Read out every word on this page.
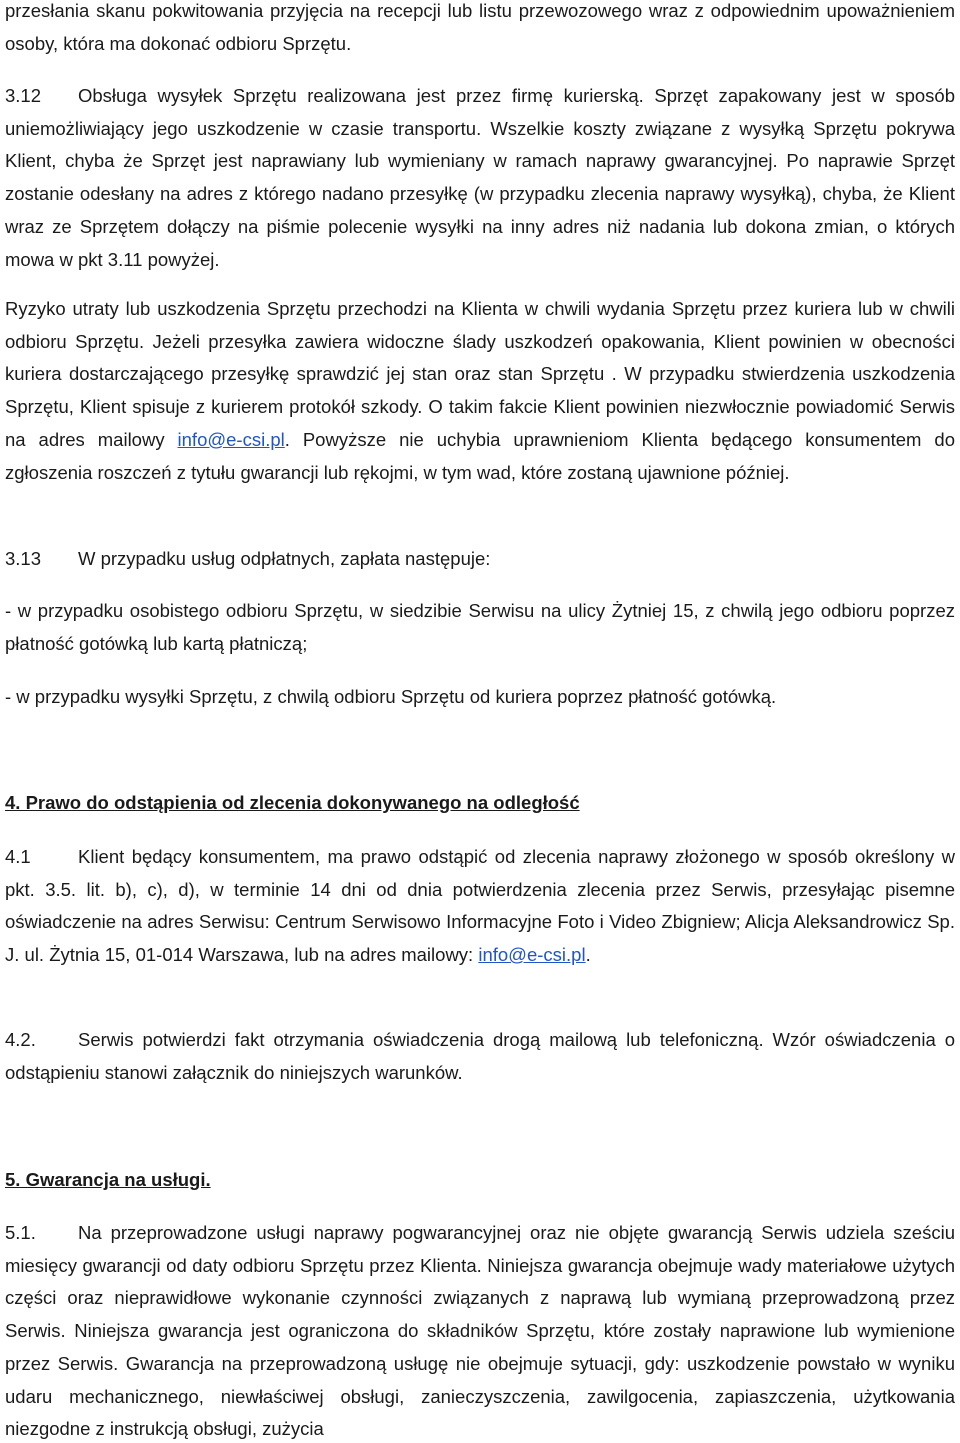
przesłania skanu pokwitowania przyjęcia na recepcji lub listu przewozowego wraz z odpowiednim upoważnieniem osoby, która ma dokonać odbioru Sprzętu.

3.12 Obsługa wysyłek Sprzętu realizowana jest przez firmę kurierską. Sprzęt zapakowany jest w sposób uniemożliwiający jego uszkodzenie w czasie transportu. Wszelkie koszty związane z wysyłką Sprzętu pokrywa Klient, chyba że Sprzęt jest naprawiany lub wymieniany w ramach naprawy gwarancyjnej. Po naprawie Sprzęt zostanie odesłany na adres z którego nadano przesyłkę (w przypadku zlecenia naprawy wysyłką), chyba, że Klient wraz ze Sprzętem dołączy na piśmie polecenie wysyłki na inny adres niż nadania lub dokona zmian, o których mowa w pkt 3.11 powyżej.

Ryzyko utraty lub uszkodzenia Sprzętu przechodzi na Klienta w chwili wydania Sprzętu przez kuriera lub w chwili odbioru Sprzętu. Jeżeli przesyłka zawiera widoczne ślady uszkodzeń opakowania, Klient powinien w obecności kuriera dostarczającego przesyłkę sprawdzić jej stan oraz stan Sprzętu . W przypadku stwierdzenia uszkodzenia Sprzętu, Klient spisuje z kurierem protokół szkody. O takim fakcie Klient powinien niezwłocznie powiadomić Serwis na adres mailowy info@e-csi.pl. Powyższe nie uchybia uprawnieniom Klienta będącego konsumentem do zgłoszenia roszczeń z tytułu gwarancji lub rękojmi, w tym wad, które zostaną ujawnione później.

3.13 W przypadku usług odpłatnych, zapłata następuje:

- w przypadku osobistego odbioru Sprzętu, w siedzibie Serwisu na ulicy Żytniej 15, z chwilą jego odbioru poprzez płatność gotówką lub kartą płatniczą;

- w przypadku wysyłki Sprzętu, z chwilą odbioru Sprzętu od kuriera poprzez płatność gotówką.

4. Prawo do odstąpienia od zlecenia dokonywanego na odległość

4.1	Klient będący konsumentem, ma prawo odstąpić od zlecenia naprawy złożonego w sposób określony w pkt. 3.5. lit. b), c), d), w terminie 14 dni od dnia potwierdzenia zlecenia przez Serwis, przesyłając pisemne oświadczenie na adres Serwisu: Centrum Serwisowo Informacyjne Foto i Video Zbigniew; Alicja Aleksandrowicz Sp. J. ul. Żytnia 15, 01-014 Warszawa, lub na adres mailowy: info@e-csi.pl.

4.2. Serwis potwierdzi fakt otrzymania oświadczenia drogą mailową lub telefoniczną. Wzór oświadczenia o odstąpieniu stanowi załącznik do niniejszych warunków.

5. Gwarancja na usługi.

5.1. Na przeprowadzone usługi naprawy pogwarancyjnej oraz nie objęte gwarancją Serwis udziela sześciu miesięcy gwarancji od daty odbioru Sprzętu przez Klienta. Niniejsza gwarancja obejmuje wady materiałowe użytych części oraz nieprawidłowe wykonanie czynności związanych z naprawą lub wymianą przeprowadzoną przez Serwis. Niniejsza gwarancja jest ograniczona do składników Sprzętu, które zostały naprawione lub wymienione przez Serwis. Gwarancja na przeprowadzoną usługę nie obejmuje sytuacji, gdy: uszkodzenie powstało w wyniku udaru mechanicznego, niewłaściwej obsługi, zanieczyszczenia, zawilgocenia, zapiaszczenia, użytkowania niezgodne z instrukcją obsługi, zużycia
